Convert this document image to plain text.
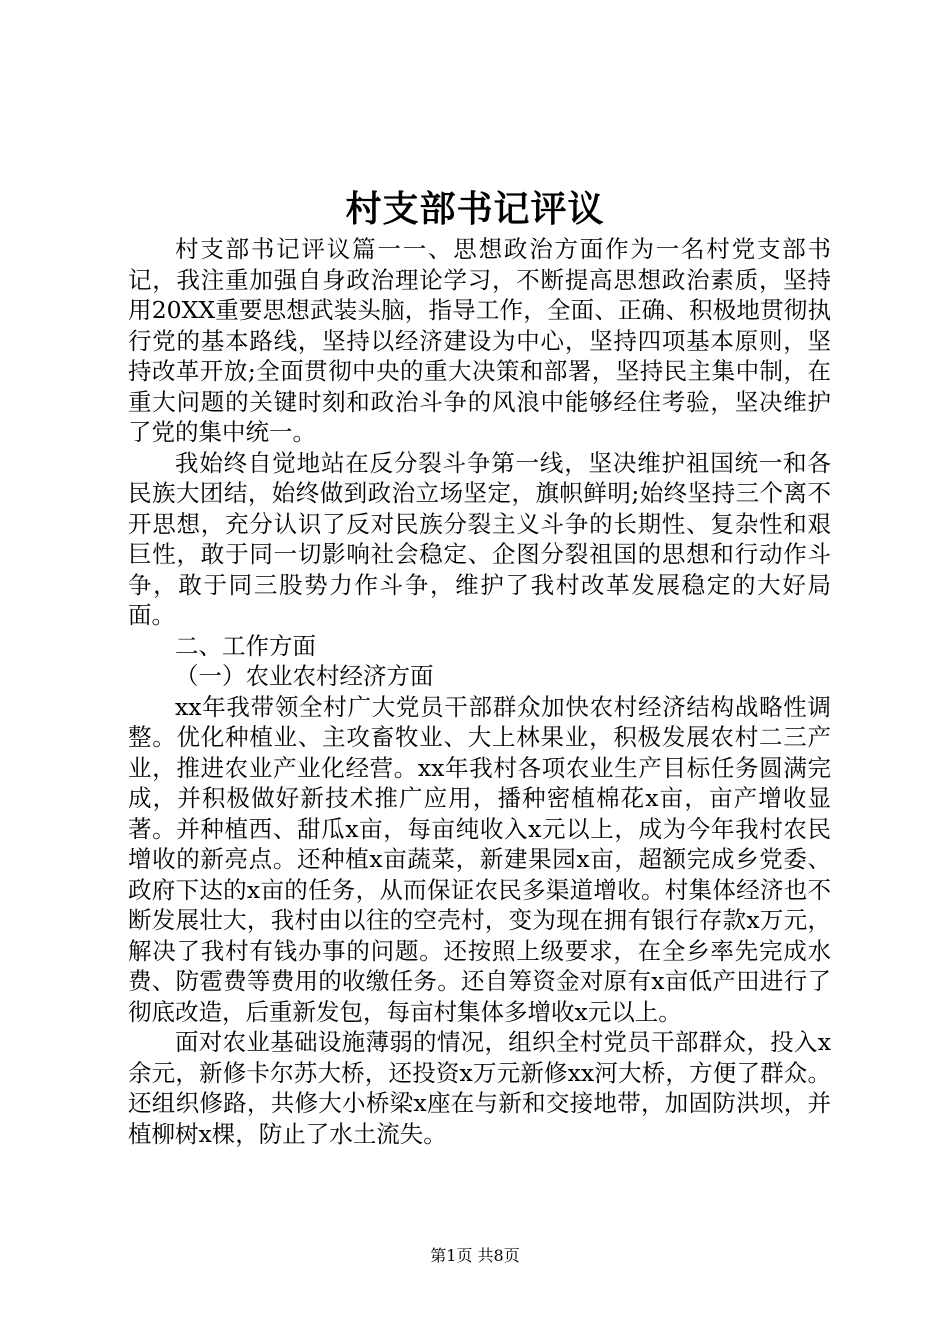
村支部书记评议

村支部书记评议篇一一、思想政治方面作为一名村党支部书记，我注重加强自身政治理论学习，不断提高思想政治素质，坚持用20XX重要思想武装头脑，指导工作，全面、正确、积极地贯彻执行党的基本路线，坚持以经济建设为中心，坚持四项基本原则，坚持改革开放;全面贯彻中央的重大决策和部署，坚持民主集中制，在重大问题的关键时刻和政治斗争的风浪中能够经住考验，坚决维护了党的集中统一。

我始终自觉地站在反分裂斗争第一线，坚决维护祖国统一和各民族大团结，始终做到政治立场坚定，旗帜鲜明;始终坚持三个离不开思想，充分认识了反对民族分裂主义斗争的长期性、复杂性和艰巨性，敢于同一切影响社会稳定、企图分裂祖国的思想和行动作斗争，敢于同三股势力作斗争，维护了我村改革发展稳定的大好局面。

二、工作方面

（一）农业农村经济方面

xx年我带领全村广大党员干部群众加快农村经济结构战略性调整。优化种植业、主攻畜牧业、大上林果业，积极发展农村二三产业，推进农业产业化经营。xx年我村各项农业生产目标任务圆满完成，并积极做好新技术推广应用，播种密植棉花x亩，亩产增收显著。并种植西、甜瓜x亩，每亩纯收入x元以上，成为今年我村农民增收的新亮点。还种植x亩蔬菜，新建果园x亩，超额完成乡党委、政府下达的x亩的任务，从而保证农民多渠道增收。村集体经济也不断发展壮大，我村由以往的空壳村，变为现在拥有银行存款x万元，解决了我村有钱办事的问题。还按照上级要求，在全乡率先完成水费、防雹费等费用的收缴任务。还自筹资金对原有x亩低产田进行了彻底改造，后重新发包，每亩村集体多增收x元以上。

面对农业基础设施薄弱的情况，组织全村党员干部群众，投入x余元，新修卡尔苏大桥，还投资x万元新修xx河大桥，方便了群众。还组织修路，共修大小桥梁x座在与新和交接地带，加固防洪坝，并植柳树x棵，防止了水土流失。

第1页 共8页
